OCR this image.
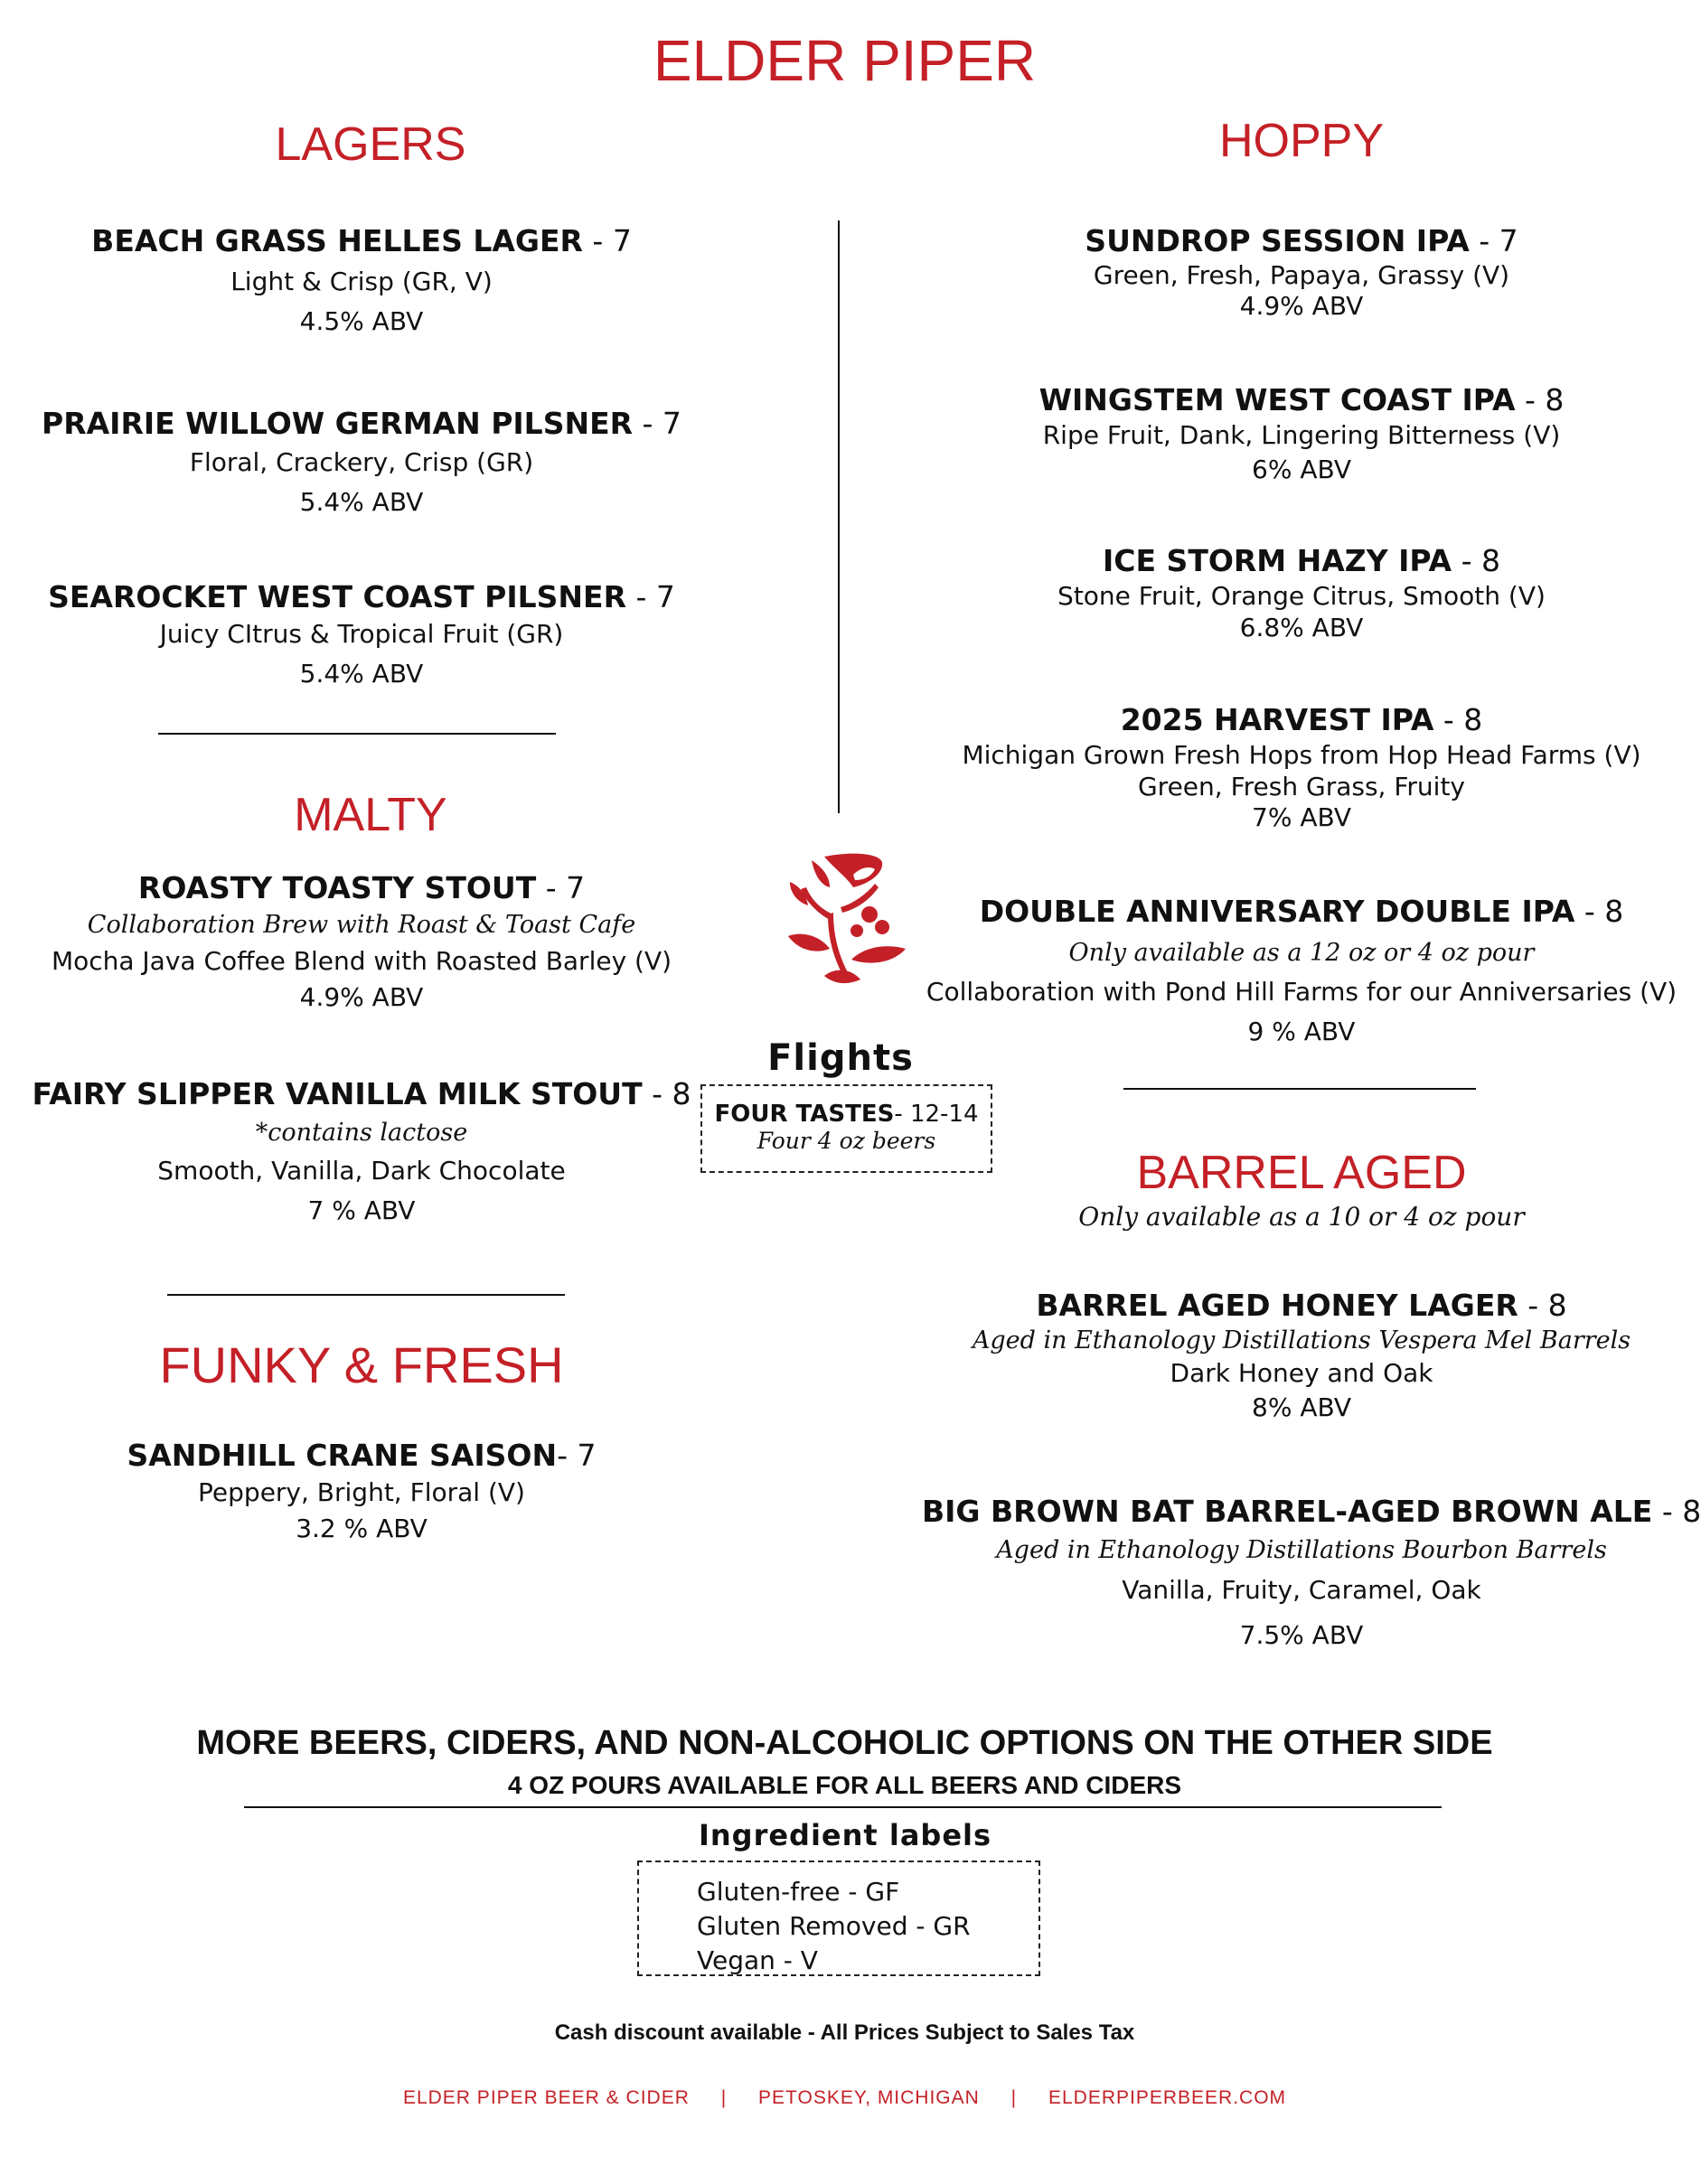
ELDER PIPER
LAGERS	HOPPY
MALTY
FUNKY & FRESH
BARREL AGED
Only available as a 10 or 4 oz pour
BEACH GRASS HELLES LAGER - 7
Light & Crisp (GR, V)
4.5% ABV
PRAIRIE WILLOW GERMAN PILSNER - 7
Floral, Crackery, Crisp (GR)
5.4% ABV
SEAROCKET WEST COAST PILSNER - 7
Juicy CItrus & Tropical Fruit (GR)
5.4% ABV
ROASTY TOASTY STOUT - 7
Collaboration Brew with Roast & Toast Cafe
Mocha Java Coffee Blend with Roasted Barley (V)
4.9% ABV
FAIRY SLIPPER VANILLA MILK STOUT - 8
*contains lactose
Smooth, Vanilla, Dark Chocolate
7 % ABV
SANDHILL CRANE SAISON- 7
Peppery, Bright, Floral (V)
3.2 % ABV
Flights
FOUR TASTES- 12-14
Four 4 oz beers
SUNDROP SESSION IPA - 7
Green, Fresh, Papaya, Grassy (V)
4.9% ABV
WINGSTEM WEST COAST IPA - 8
Ripe Fruit, Dank, Lingering Bitterness (V)
6% ABV
ICE STORM HAZY IPA - 8
Stone Fruit, Orange Citrus, Smooth (V)
6.8% ABV
2025 HARVEST IPA - 8
Michigan Grown Fresh Hops from Hop Head Farms (V)
Green, Fresh Grass, Fruity
7% ABV
DOUBLE ANNIVERSARY DOUBLE IPA - 8
Only available as a 12 oz or 4 oz pour
Collaboration with Pond Hill Farms for our Anniversaries (V)
9 % ABV
BARREL AGED HONEY LAGER - 8
Aged in Ethanology Distillations Vespera Mel Barrels
Dark Honey and Oak
8% ABV
BIG BROWN BAT BARREL-AGED BROWN ALE - 8
Aged in Ethanology Distillations Bourbon Barrels
Vanilla, Fruity, Caramel, Oak
7.5% ABV
MORE BEERS, CIDERS, AND NON-ALCOHOLIC OPTIONS ON THE OTHER SIDE
4 OZ POURS AVAILABLE FOR ALL BEERS AND CIDERS
Ingredient labels
Gluten-free - GF
Gluten Removed - GR
Vegan - V
Cash discount available - All Prices Subject to Sales Tax
ELDER PIPER BEER & CIDER | PETOSKEY, MICHIGAN | ELDERPIPERBEER.COM
